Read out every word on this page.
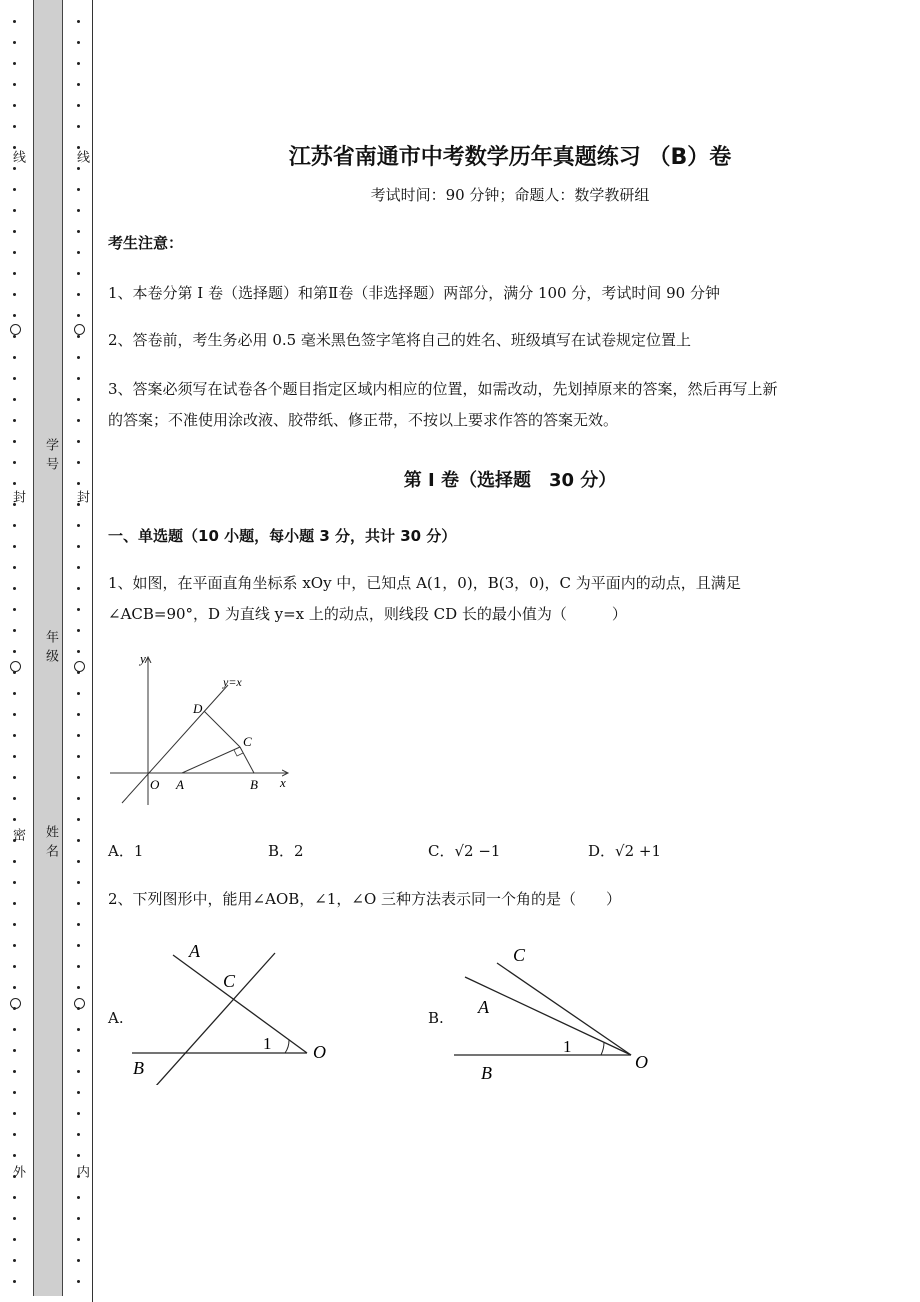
线
封
密
外
学号
年级
姓名
线
封
内
江苏省南通市中考数学历年真题练习 （B）卷
考试时间：90 分钟；命题人：数学教研组
考生注意：
1、本卷分第 I 卷（选择题）和第Ⅱ卷（非选择题）两部分，满分 100 分，考试时间 90 分钟
2、答卷前，考生务必用 0.5 毫米黑色签字笔将自己的姓名、班级填写在试卷规定位置上
3、答案必须写在试卷各个题目指定区域内相应的位置，如需改动，先划掉原来的答案，然后再写上新
的答案；不准使用涂改液、胶带纸、修正带，不按以上要求作答的答案无效。
第 I 卷（选择题　30 分）
一、单选题（10 小题，每小题 3 分，共计 30 分）
1、如图，在平面直角坐标系 xOy 中，已知点 A(1，0)，B(3，0)，C 为平面内的动点，且满足
∠ACB=90°，D 为直线 y=x 上的动点，则线段 CD 长的最小值为（　　　）
y
x
y=x
D
C
O A	B
A．1	B．2	C．√2 −1	D．√2 +1
2、下列图形中，能用∠AOB，∠1，∠O 三种方法表示同一个角的是（　　）
A.
A
C
1
B
O
B.
C
A
1
B
O
